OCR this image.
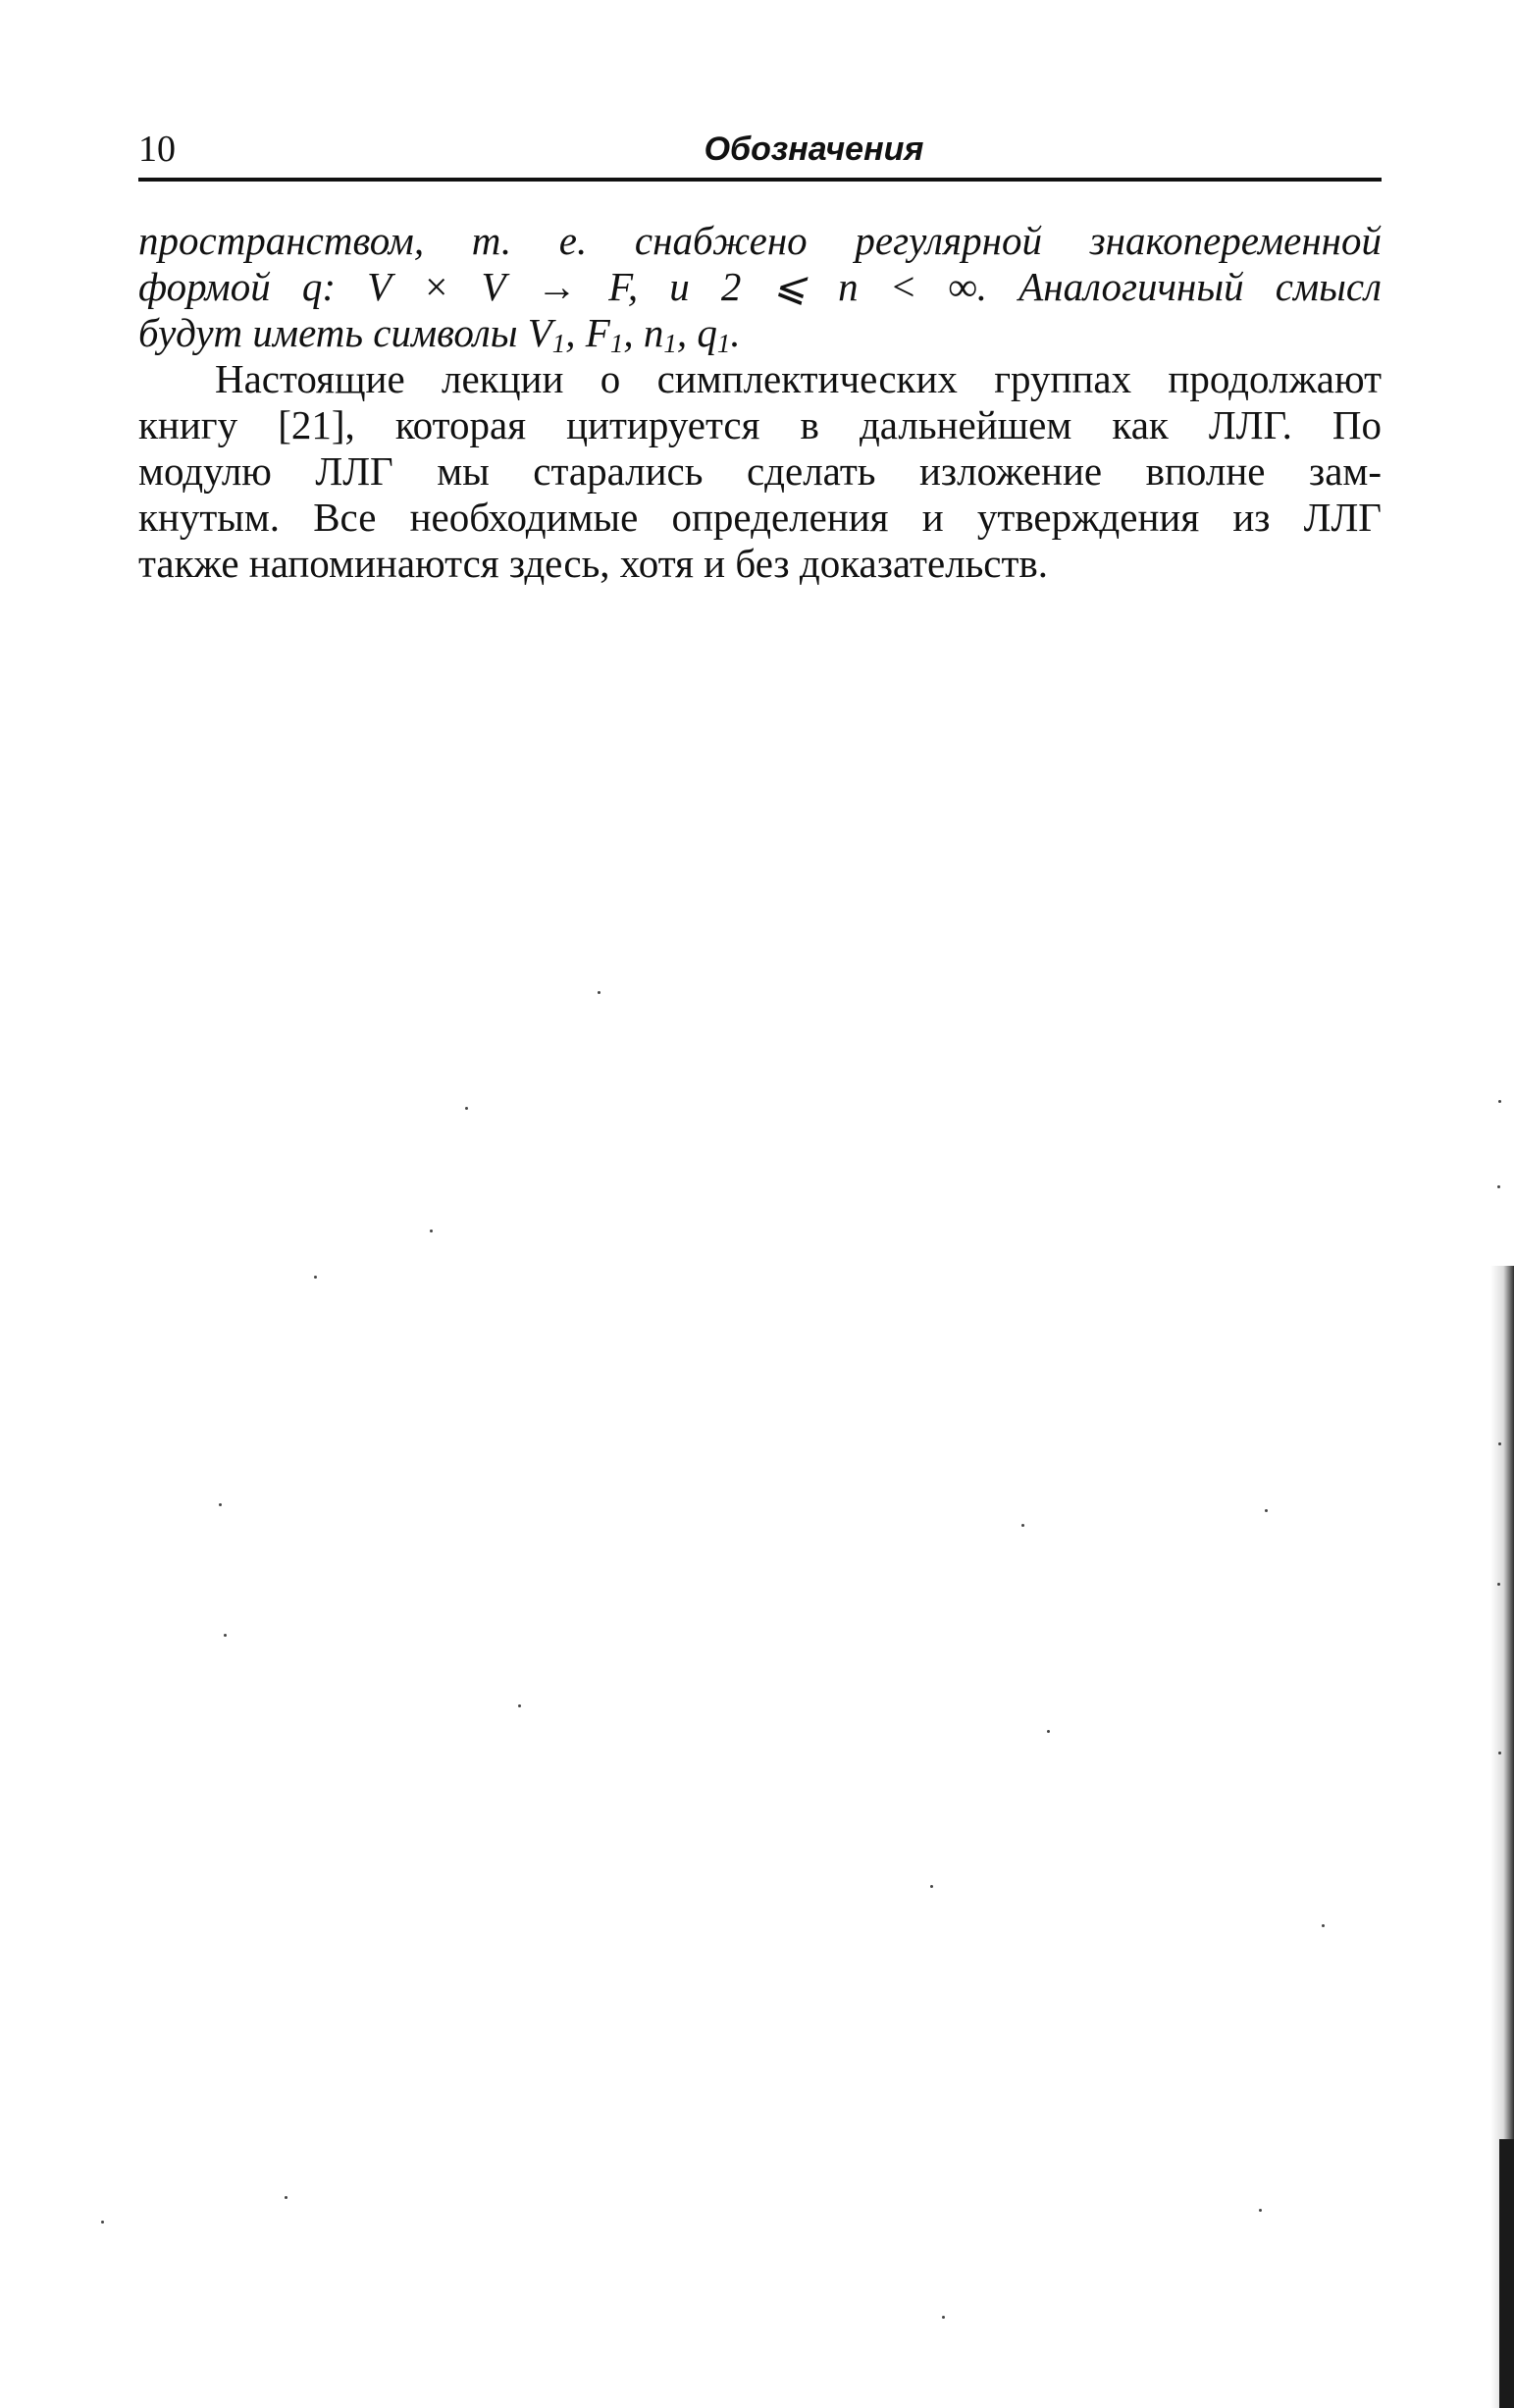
10	Обозначения
пространством, т. е. снабжено регулярной знакопеременной
формой q: V × V → F, и 2 ⩽ n < ∞. Аналогичный смысл
будут иметь символы $V_1$, $F_1$, $n_1$, $q_1$.
Настоящие лекции о симплектических группах продолжают
книгу [21], которая цитируется в дальнейшем как ЛЛГ. По
модулю ЛЛГ мы старались сделать изложение вполне зам-
кнутым. Все необходимые определения и утверждения из ЛЛГ
также напоминаются здесь, хотя и без доказательств.
